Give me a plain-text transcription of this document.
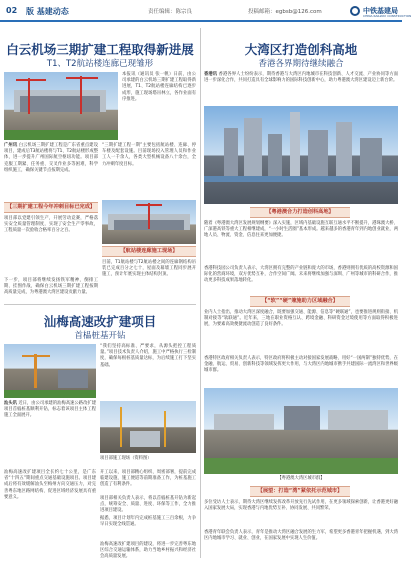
02 版 基建动态	责任编辑：陈宗良	投稿邮箱：egbsb@126.com	中铁基建局
CHINA RAILWAY CONSTRUCTION
白云机场三期扩建工程取得新进展
T1、T2航站楼连廊已现雏形
本报讯（通讯员 张一帆）日前，由公司承建的白云机场三期扩建工程取得新进展，T1、T2航站楼连廊结构已逐步成形，施工现场塔吊林立，各作业面有序推进。
广州讯 白云机场三期扩建工程是广东省重点建设项目，建成后T3航站楼将与T1、T2航站楼形成整体，进一步提升广州国际航空枢纽功能。项目部克服工期紧、任务重、交叉作业多等困难，科学组织施工，确保关键节点按期完成。
“三期扩建工程一期”主要包括航站楼、连廊、停车楼及配套设施。目前现场投入管理人员和作业工人一千余人，各类大型机械设备八十余台，全力冲刺年度目标。
【三期扩建工程今年冲刺目标已完成】
项目部以党建引领生产，开展劳动竞赛，严格落实安全质量管理制度，实现了安全生产零事故，工程质量一次验收合格率百分之百。
【航站楼连廊施工现场】
目前，T1航站楼与T2航站楼之间的连廊钢结构吊装已完成百分之七十，屋面及幕墙工程同步展开施工，预计年底实现主体结构封顶。
下一步，项目部将继续发扬铁军精神，倒排工期、挂图作战，确保白云机场三期扩建工程按期高质量完成，为粤港澳大湾区建设贡献力量。
汕梅高速改扩建项目
首榀桩基开钻
“我们坚持高标准、严要求，从源头把控工程质量。”项目技术负责人介绍，施工中严格执行三检制度，确保每根桩基质量达标，为后续施工打下坚实基础。
汕头讯 近日，由公司承建的汕梅高速公路改扩建项目首榀桩基顺利开钻，标志着该项目主体工程施工全面展开。
项目部施工现场（资料图）
汕梅高速改扩建项目全长约七十公里，是广东省“十四五”期间重点交通基础设施项目。项目建成后将有效缓解汕头至梅州方向交通压力，对完善粤东地区路网结构、促进区域经济发展具有重要意义。
开工以来，项目部精心组织、周密部署，提前完成临建设施、施工便道等前期准备工作，为桩基施工创造了有利条件。
项目部相关负责人表示，将以首榀桩基开钻为新起点，统筹安全、质量、进度、环保等工作，全力推进项目建设。
据悉，项目计划年内完成桩基施工三百余根，力争早日实现全线贯通。
汕梅高速改扩建项目的建设，将进一步完善粤东地区综合交通运输体系，助力当地乡村振兴和经济社会高质量发展。
大湾区打造创科高地
香港各界期待继续融合
香港讯 香港各界人士纷纷表示，期待香港与大湾区内地城市在科技创新、人才交流、产业协同等方面进一步深化合作，共同打造具有全球影响力的国际科技创新中心，助力粤港澳大湾区建设迈上新台阶。
【粤港澳合力打造创科高地】
随着《粤港澳大湾区发展规划纲要》深入实施，区域内基础设施互联互通水平不断提升，港珠澳大桥、广深港高铁等重大工程相继建成，“一小时生活圈”基本形成。越来越多的香港青年到内地创业就业，两地人员、物流、资金、信息往来更加便捷。
香港科技园公司负责人表示，大湾区拥有完整的产业链和庞大的市场，香港则拥有优质的高校资源和国际化的营商环境，双方优势互补，合作空间广阔。未来将继续加强与深圳、广州等城市的科研合作，推动更多科技成果落地转化。
【“软”“硬”兼施助力区域融合】
业内人士指出，推动大湾区深度融合，既要加强交通、能源、信息等“硬联通”，也要推进规则衔接、机制对接等“软联通”。近年来，三地在职业资格互认、跨境金融、科研资金过境使用等方面取得积极进展，为要素高效便捷流动创造了良好条件。
香港特区政府相关负责人表示，特区政府将积极主动对接国家发展战略，用好“一国两制”独特优势，在金融、航运、贸易、创新科技等领域发挥更大作用，与大湾区内地城市携手共建国际一流湾区和世界级城市群。
【粤港澳大湾区城市群】
【展望：打造“湾”紧依托示范城市】
多位受访人士表示，期待大湾区继续发挥改革开放先行先试作用，在更多领域探索创新，让香港更好融入国家发展大局，实现香港与内地优势互补、协同发展、共同繁荣。
香港青年联会负责人表示，青年是推动大湾区融合发展的生力军，希望更多香港青年把握机遇，到大湾区内地城市学习、就业、创业，在国家发展中实现人生价值。
